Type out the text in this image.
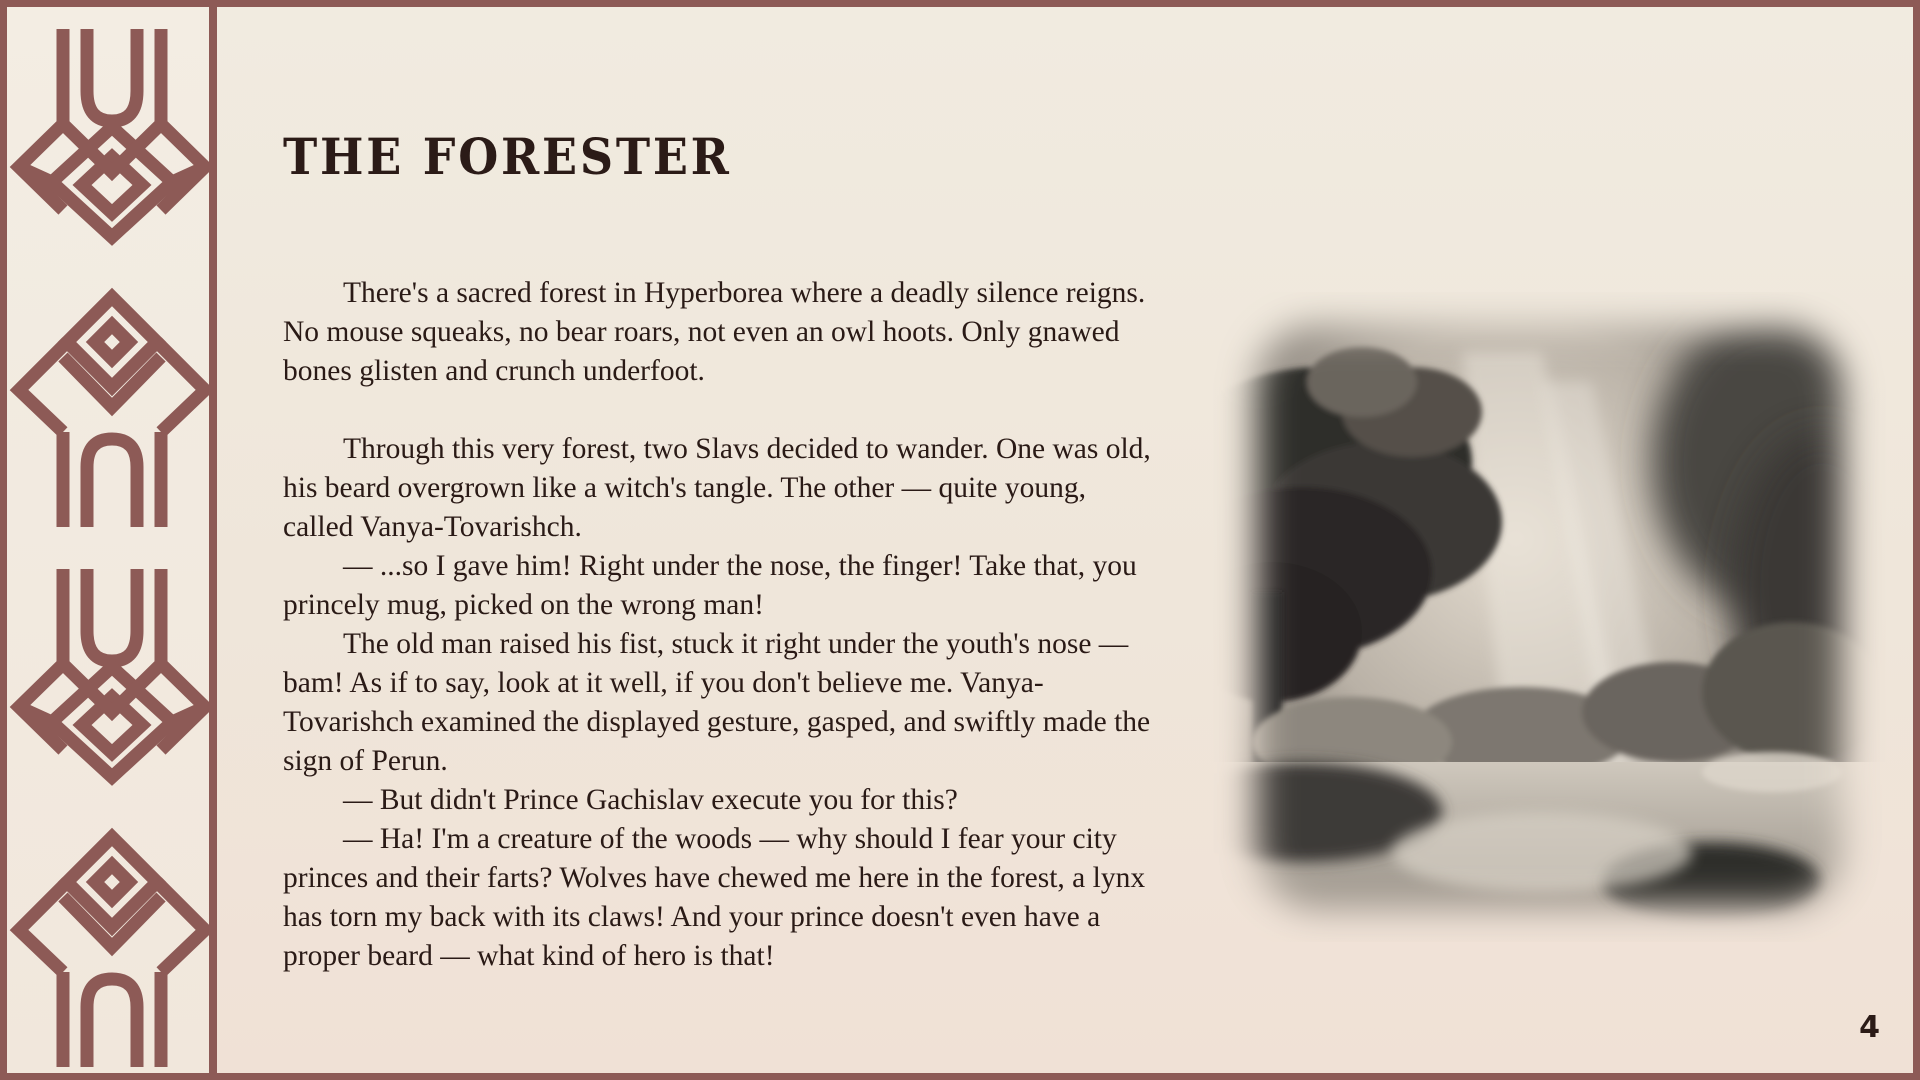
THE FORESTER

There's a sacred forest in Hyperborea where a deadly silence reigns. No mouse squeaks, no bear roars, not even an owl hoots. Only gnawed bones glisten and crunch underfoot.

Through this very forest, two Slavs decided to wander. One was old, his beard overgrown like a witch's tangle. The other — quite young, called Vanya-Tovarishch.

— ...so I gave him! Right under the nose, the finger! Take that, you princely mug, picked on the wrong man!

The old man raised his fist, stuck it right under the youth's nose — bam! As if to say, look at it well, if you don't believe me. Vanya-Tovarishch examined the displayed gesture, gasped, and swiftly made the sign of Perun.

— But didn't Prince Gachislav execute you for this?

— Ha! I'm a creature of the woods — why should I fear your city princes and their farts? Wolves have chewed me here in the forest, a lynx has torn my back with its claws! And your prince doesn't even have a proper beard — what kind of hero is that!

4
